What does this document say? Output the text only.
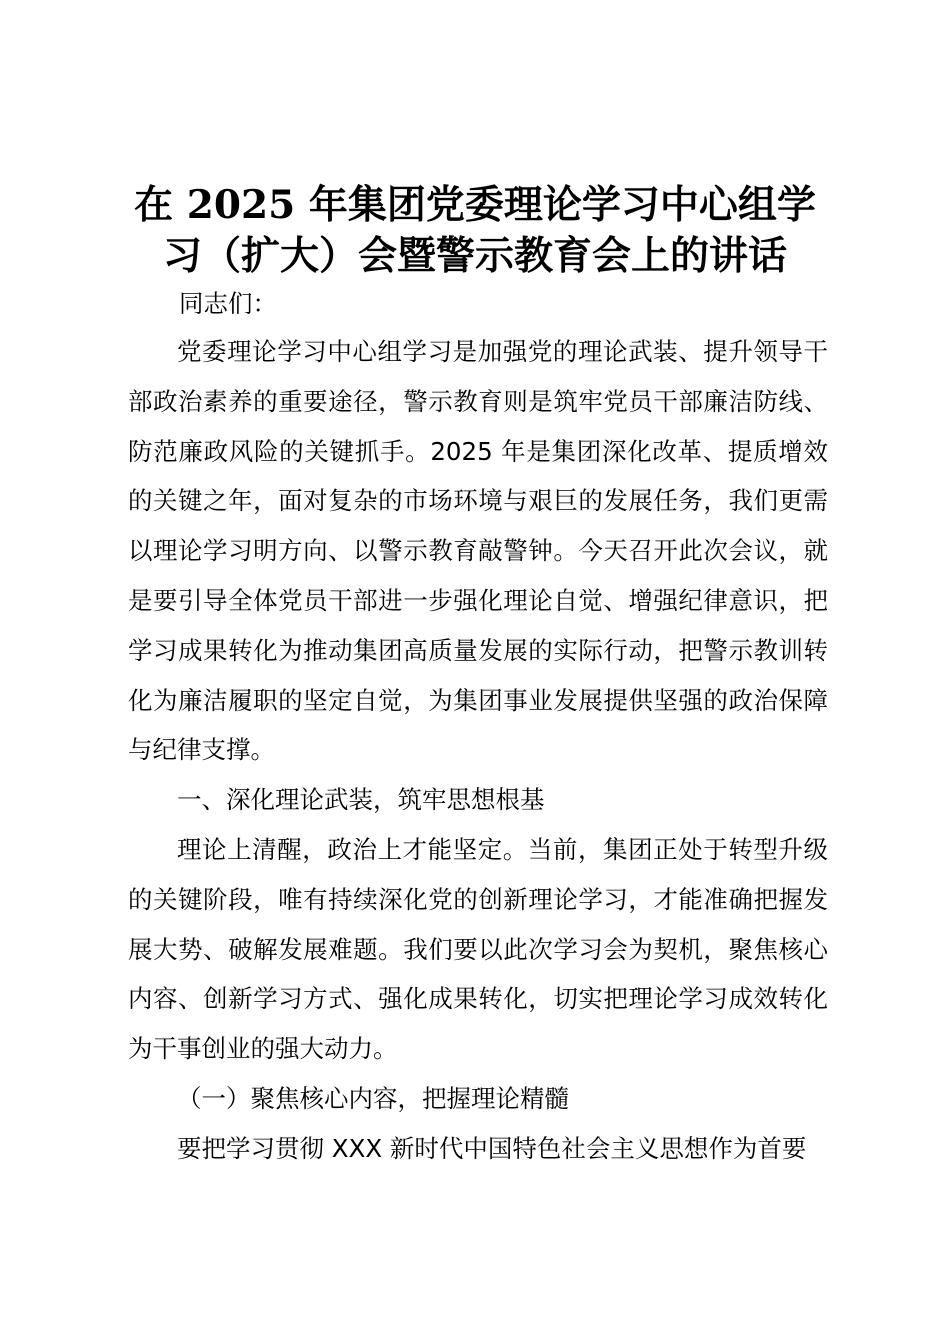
在 2025 年集团党委理论学习中心组学
习（扩大）会暨警示教育会上的讲话

同志们：

党委理论学习中心组学习是加强党的理论武装、提升领导干部政治素养的重要途径，警示教育则是筑牢党员干部廉洁防线、防范廉政风险的关键抓手。2025 年是集团深化改革、提质增效的关键之年，面对复杂的市场环境与艰巨的发展任务，我们更需以理论学习明方向、以警示教育敲警钟。今天召开此次会议，就是要引导全体党员干部进一步强化理论自觉、增强纪律意识，把学习成果转化为推动集团高质量发展的实际行动，把警示教训转化为廉洁履职的坚定自觉，为集团事业发展提供坚强的政治保障与纪律支撑。

一、深化理论武装，筑牢思想根基

理论上清醒，政治上才能坚定。当前，集团正处于转型升级的关键阶段，唯有持续深化党的创新理论学习，才能准确把握发展大势、破解发展难题。我们要以此次学习会为契机，聚焦核心内容、创新学习方式、强化成果转化，切实把理论学习成效转化为干事创业的强大动力。

（一）聚焦核心内容，把握理论精髓

要把学习贯彻 XXX 新时代中国特色社会主义思想作为首要
